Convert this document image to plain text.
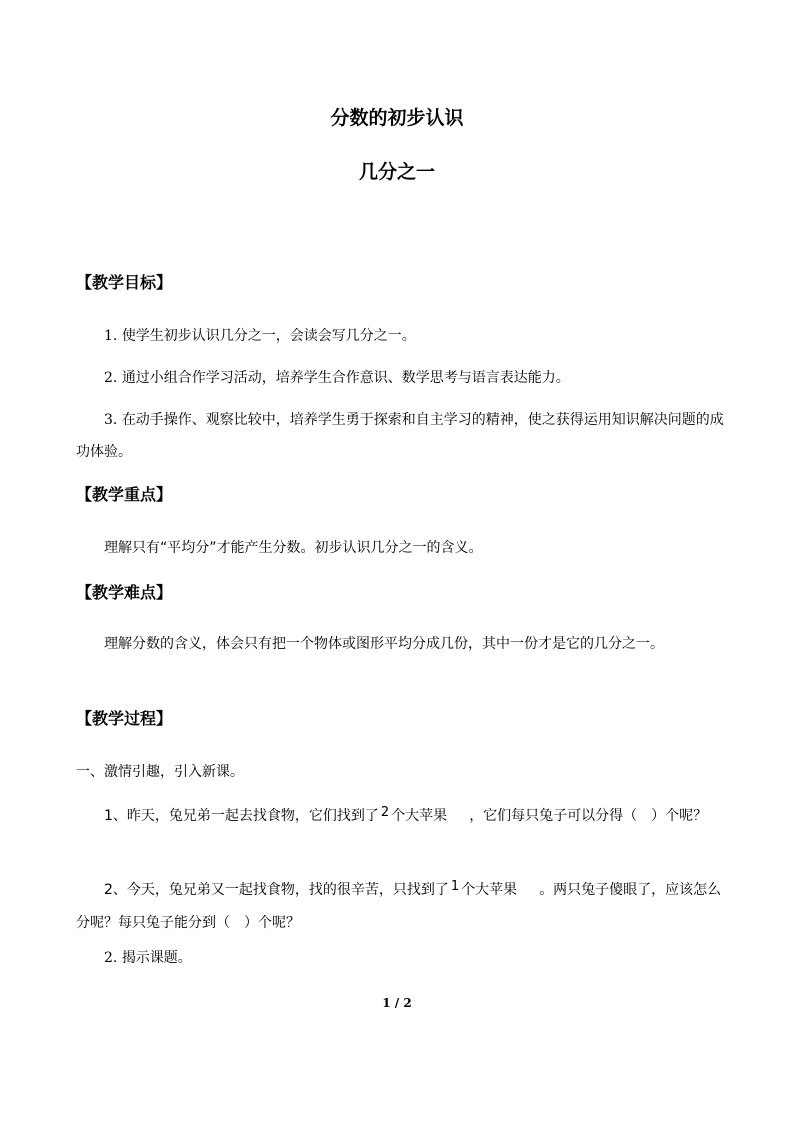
分数的初步认识
几分之一
【教学目标】
1. 使学生初步认识几分之一，会读会写几分之一。
2. 通过小组合作学习活动，培养学生合作意识、数学思考与语言表达能力。
3. 在动手操作、观察比较中，培养学生勇于探索和自主学习的精神，使之获得运用知识解决问题的成功体验。
【教学重点】
理解只有“平均分”才能产生分数。初步认识几分之一的含义。
【教学难点】
理解分数的含义，体会只有把一个物体或图形平均分成几份，其中一份才是它的几分之一。
【教学过程】
一、激情引趣，引入新课。
1、昨天，兔兄弟一起去找食物，它们找到了 2 个大苹果 ，它们每只兔子可以分得（　）个呢？
2、今天，兔兄弟又一起找食物，找的很辛苦，只找到了 1 个大苹果 。两只兔子傻眼了，应该怎么分呢？每只兔子能分到（　）个呢？
2. 揭示课题。
1 / 2
